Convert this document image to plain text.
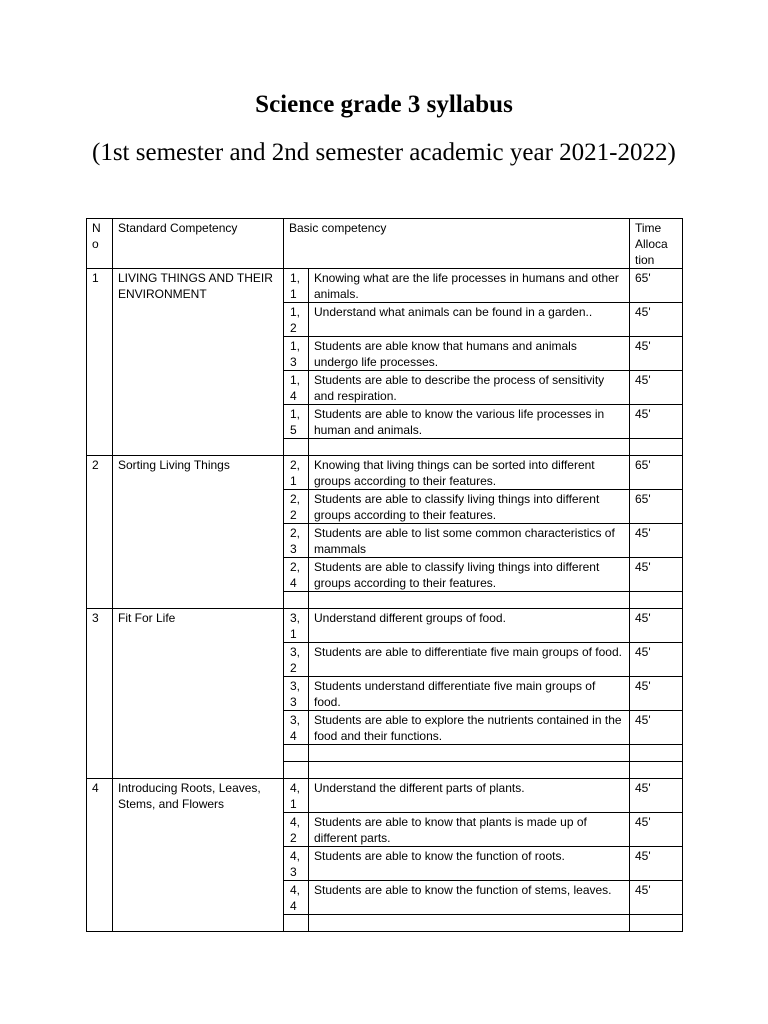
Science grade 3 syllabus
(1st semester and 2nd semester academic year 2021-2022)
N o	Standard Competency	Basic competency		Time Alloca tion
1	LIVING THINGS AND THEIR ENVIRONMENT	1, 1	Knowing what are the life processes in humans and other animals.	65'
		1, 2	Understand what animals can be found in a garden..	45'
		1, 3	Students are able know that humans and animals undergo life processes.	45'
		1, 4	Students are able to describe the process of sensitivity and respiration.	45'
		1, 5	Students are able to know the various life processes in human and animals.	45'

2	Sorting Living Things	2, 1	Knowing that living things can be sorted into different groups according to their features.	65'
		2, 2	Students are able to classify living things into different groups according to their features.	65'
		2, 3	Students are able to list some common characteristics of mammals	45'
		2, 4	Students are able to classify living things into different groups according to their features.	45'

3	Fit For Life	3, 1	Understand different groups of food.	45'
		3, 2	Students are able to differentiate five main groups of food.	45'
		3, 3	Students understand differentiate five main groups of food.	45'
		3, 4	Students are able to explore the nutrients contained in the food and their functions.	45'

4	Introducing Roots, Leaves, Stems, and Flowers	4, 1	Understand the different parts of plants.	45'
		4, 2	Students are able to know that plants is made up of different parts.	45'
		4, 3	Students are able to know the function of roots.	45'
		4, 4	Students are able to know the function of stems, leaves.	45'
